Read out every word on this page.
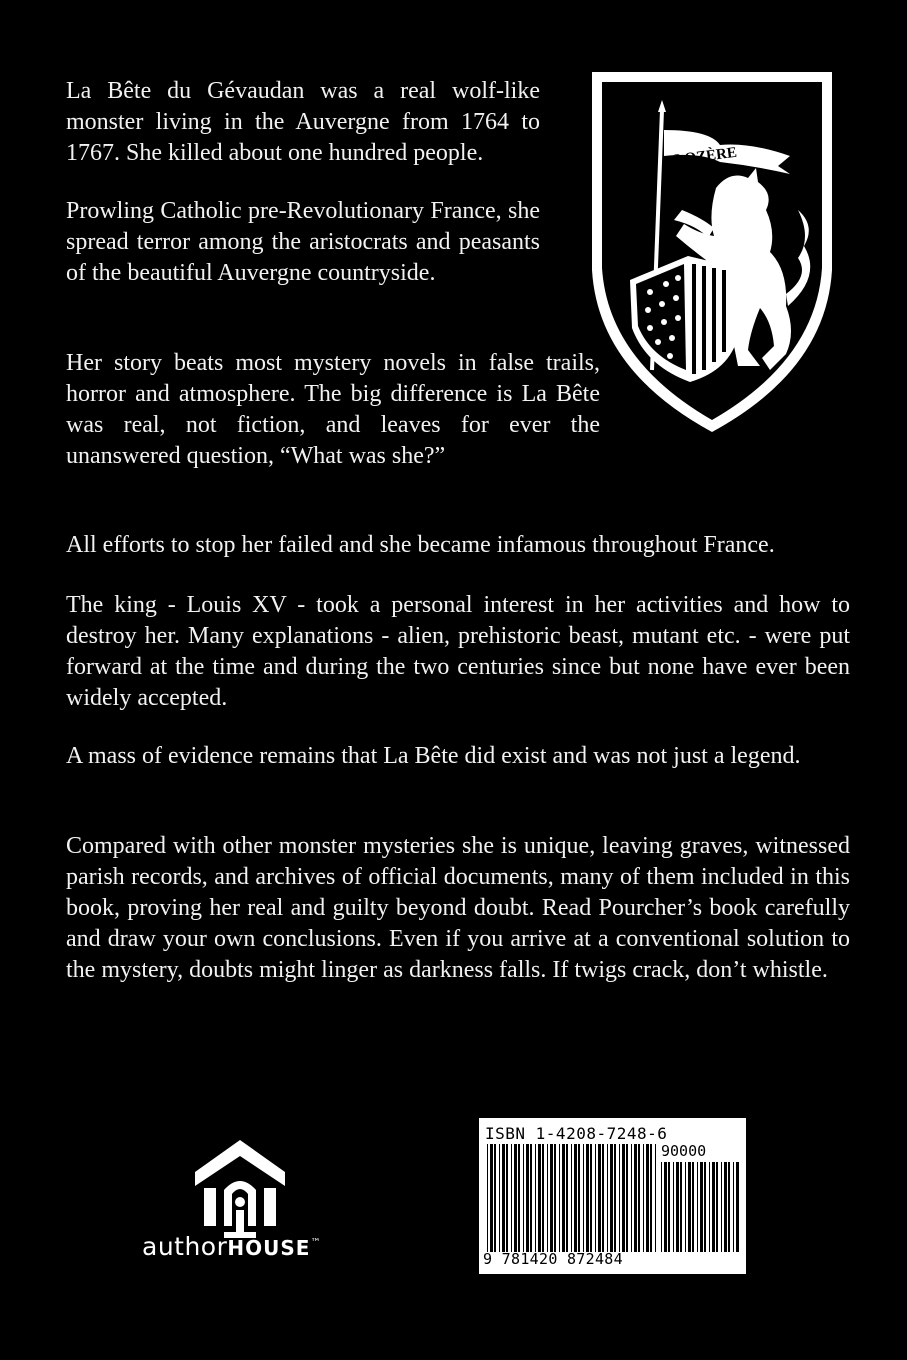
La Bête du Gévaudan was a real wolf-like monster living in the Auvergne from 1764 to 1767. She killed about one hundred people.

Prowling Catholic pre-Revolutionary France, she spread terror among the aristocrats and peasants of the beautiful Auvergne countryside.

Her story beats most mystery novels in false trails, horror and atmosphere. The big difference is La Bête was real, not fiction, and leaves for ever the unanswered question, “What was she?”

All efforts to stop her failed and she became infamous throughout France.

The king - Louis XV - took a personal interest in her activities and how to destroy her. Many explanations - alien, prehistoric beast, mutant etc. - were put forward at the time and during the two centuries since but none have ever been widely accepted.

A mass of evidence remains that La Bête did exist and was not just a legend.

Compared with other monster mysteries she is unique, leaving graves, witnessed parish records, and archives of official documents, many of them included in this book, proving her real and guilty beyond doubt. Read Pourcher’s book carefully and draw your own conclusions. Even if you arrive at a conventional solution to the mystery, doubts might linger as darkness falls. If twigs crack, don’t whistle.

LOZÈRE
authorHOUSE™
ISBN 1-4208-7248-6
90000
9 781420 872484
